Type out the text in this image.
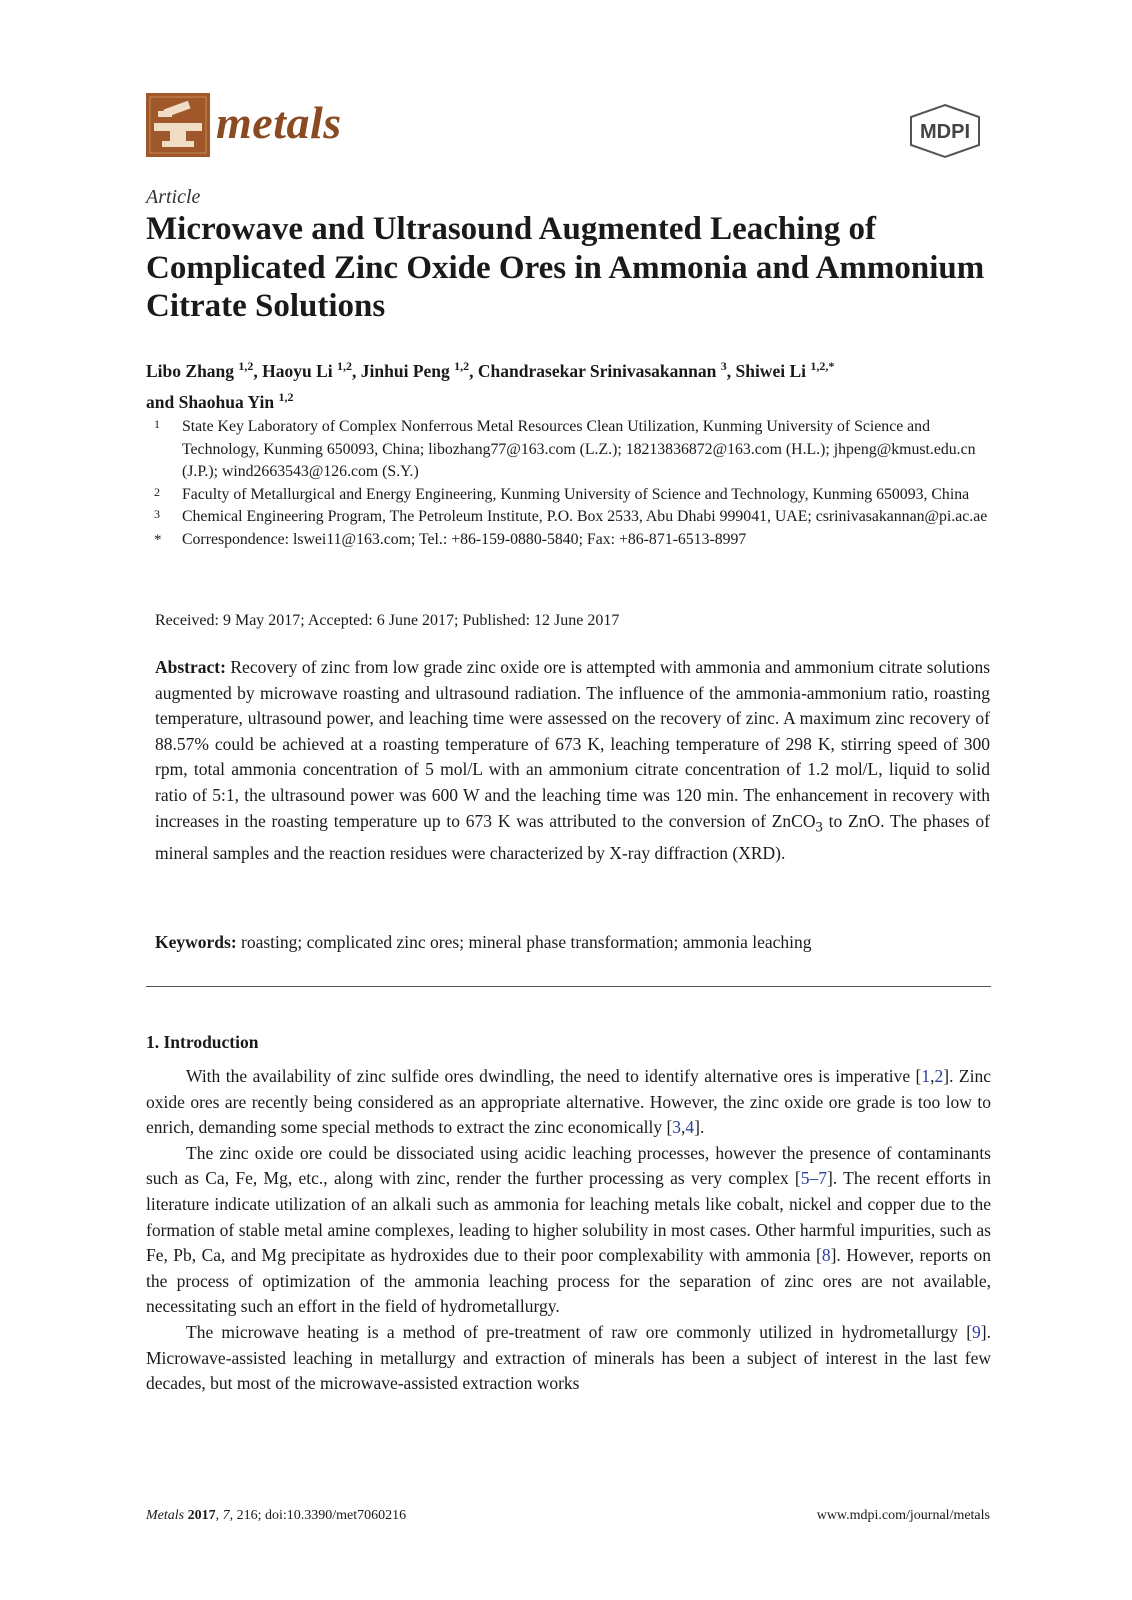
metals	MDPI
Article
Microwave and Ultrasound Augmented Leaching of Complicated Zinc Oxide Ores in Ammonia and Ammonium Citrate Solutions
Libo Zhang $^{1,2}$, Haoyu Li $^{1,2}$, Jinhui Peng $^{1,2}$, Chandrasekar Srinivasakannan $^3$, Shiwei Li $^{1,2,*}$
and Shaohua Yin $^{1,2}$
1	State Key Laboratory of Complex Nonferrous Metal Resources Clean Utilization, Kunming University of Science and Technology, Kunming 650093, China; libozhang77@163.com (L.Z.); 18213836872@163.com (H.L.); jhpeng@kmust.edu.cn (J.P.); wind2663543@126.com (S.Y.)
2	Faculty of Metallurgical and Energy Engineering, Kunming University of Science and Technology, Kunming 650093, China
3	Chemical Engineering Program, The Petroleum Institute, P.O. Box 2533, Abu Dhabi 999041, UAE; csrinivasakannan@pi.ac.ae
*	Correspondence: lswei11@163.com; Tel.: +86-159-0880-5840; Fax: +86-871-6513-8997
Received: 9 May 2017; Accepted: 6 June 2017; Published: 12 June 2017

Abstract: Recovery of zinc from low grade zinc oxide ore is attempted with ammonia and ammonium citrate solutions augmented by microwave roasting and ultrasound radiation. The influence of the ammonia-ammonium ratio, roasting temperature, ultrasound power, and leaching time were assessed on the recovery of zinc. A maximum zinc recovery of 88.57% could be achieved at a roasting temperature of 673 K, leaching temperature of 298 K, stirring speed of 300 rpm, total ammonia concentration of 5 mol/L with an ammonium citrate concentration of 1.2 mol/L, liquid to solid ratio of 5:1, the ultrasound power was 600 W and the leaching time was 120 min. The enhancement in recovery with increases in the roasting temperature up to 673 K was attributed to the conversion of ZnCO$_3$ to ZnO. The phases of mineral samples and the reaction residues were characterized by X-ray diffraction (XRD).

Keywords: roasting; complicated zinc ores; mineral phase transformation; ammonia leaching

1. Introduction

With the availability of zinc sulfide ores dwindling, the need to identify alternative ores is imperative [1,2]. Zinc oxide ores are recently being considered as an appropriate alternative. However, the zinc oxide ore grade is too low to enrich, demanding some special methods to extract the zinc economically [3,4].

The zinc oxide ore could be dissociated using acidic leaching processes, however the presence of contaminants such as Ca, Fe, Mg, etc., along with zinc, render the further processing as very complex [5–7]. The recent efforts in literature indicate utilization of an alkali such as ammonia for leaching metals like cobalt, nickel and copper due to the formation of stable metal amine complexes, leading to higher solubility in most cases. Other harmful impurities, such as Fe, Pb, Ca, and Mg precipitate as hydroxides due to their poor complexability with ammonia [8]. However, reports on the process of optimization of the ammonia leaching process for the separation of zinc ores are not available, necessitating such an effort in the field of hydrometallurgy.

The microwave heating is a method of pre-treatment of raw ore commonly utilized in hydrometallurgy [9]. Microwave-assisted leaching in metallurgy and extraction of minerals has been a subject of interest in the last few decades, but most of the microwave-assisted extraction works

Metals 2017, 7, 216; doi:10.3390/met7060216	www.mdpi.com/journal/metals
